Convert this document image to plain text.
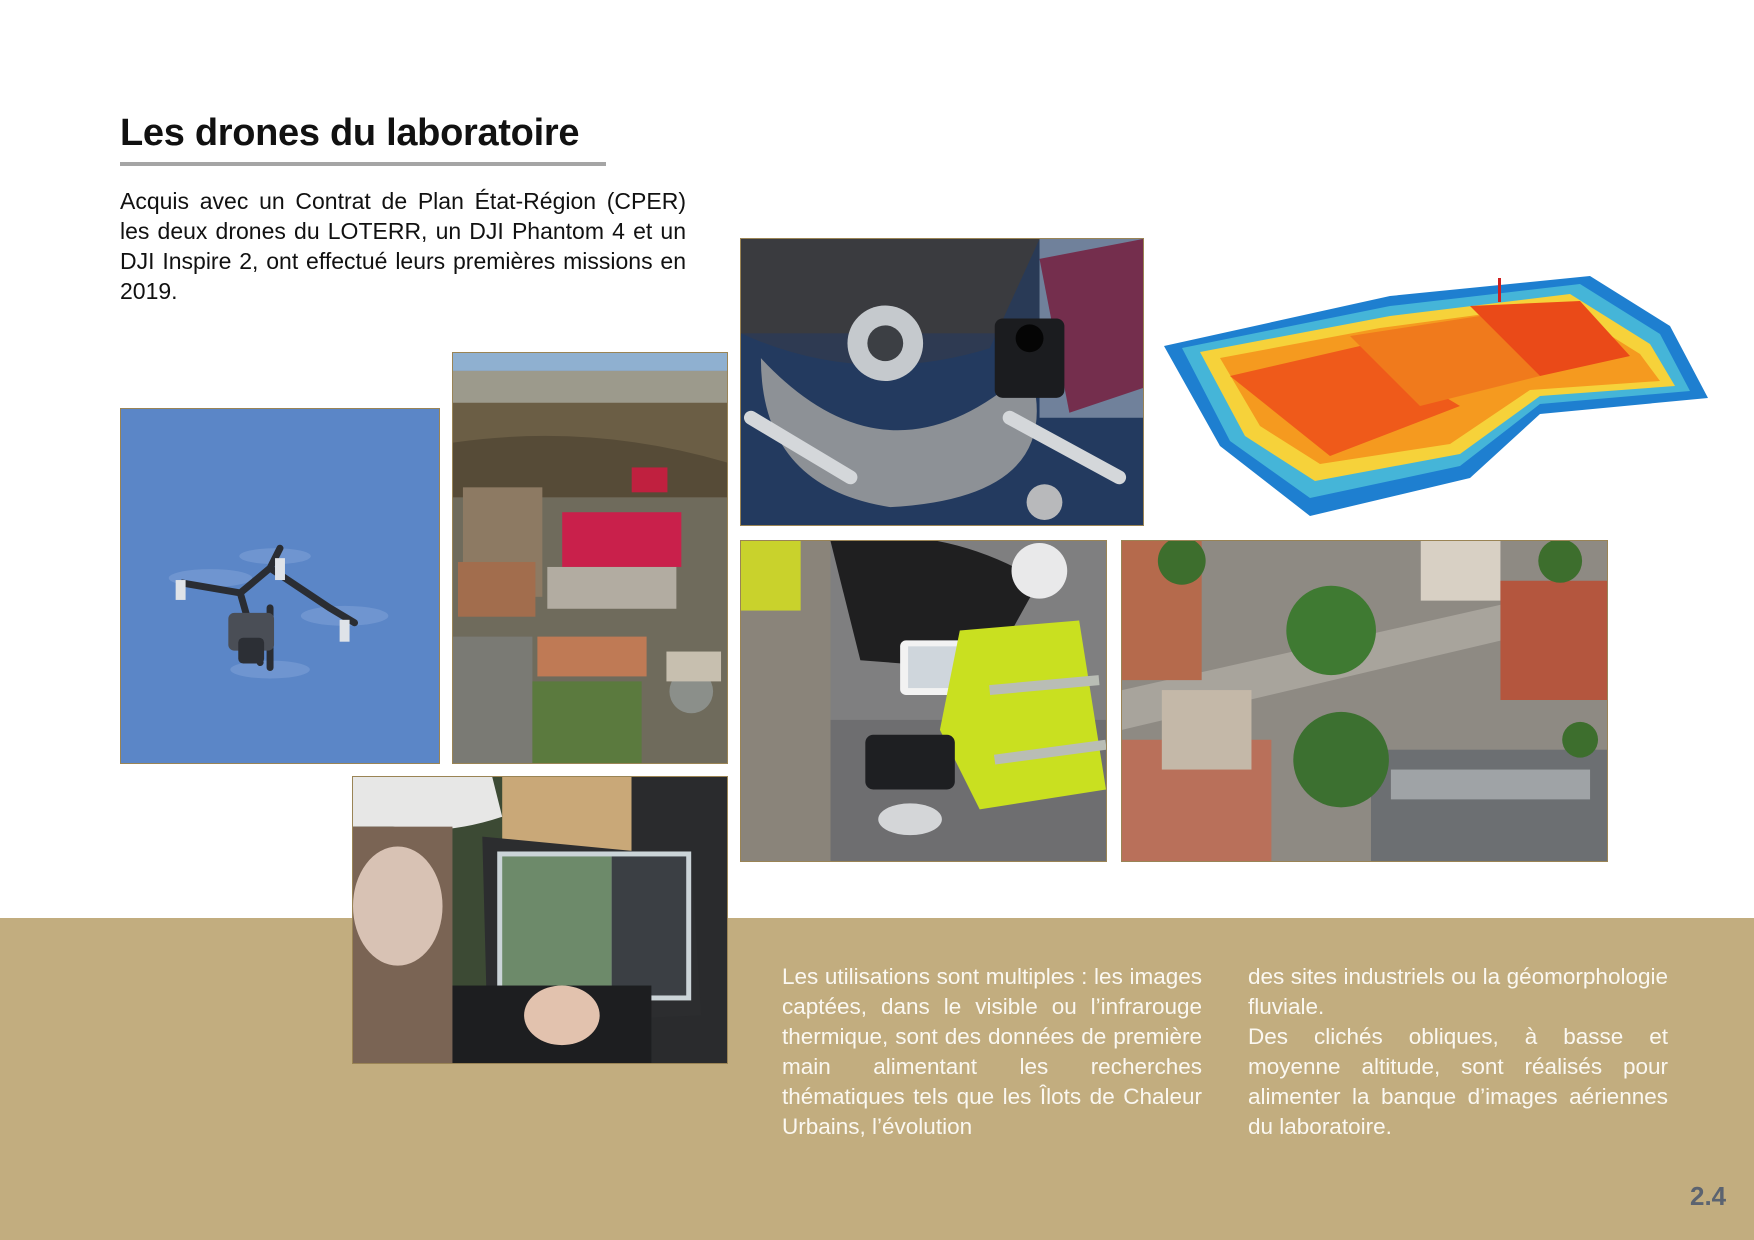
Les drones du laboratoire

Acquis avec un Contrat de Plan État-Région (CPER) les deux drones du LOTERR, un DJI Phantom 4 et un DJI Inspire 2, ont effectué leurs premières missions en 2019.

Les utilisations sont multiples : les images captées, dans le visible ou l’infrarouge thermique, sont des données de première main alimentant les recherches thématiques tels que les Îlots de Chaleur Urbains, l’évolution

des sites industriels ou la géomorphologie fluviale.

Des clichés obliques, à basse et moyenne altitude, sont réalisés pour alimenter la banque d’images aériennes du laboratoire.

2.4
